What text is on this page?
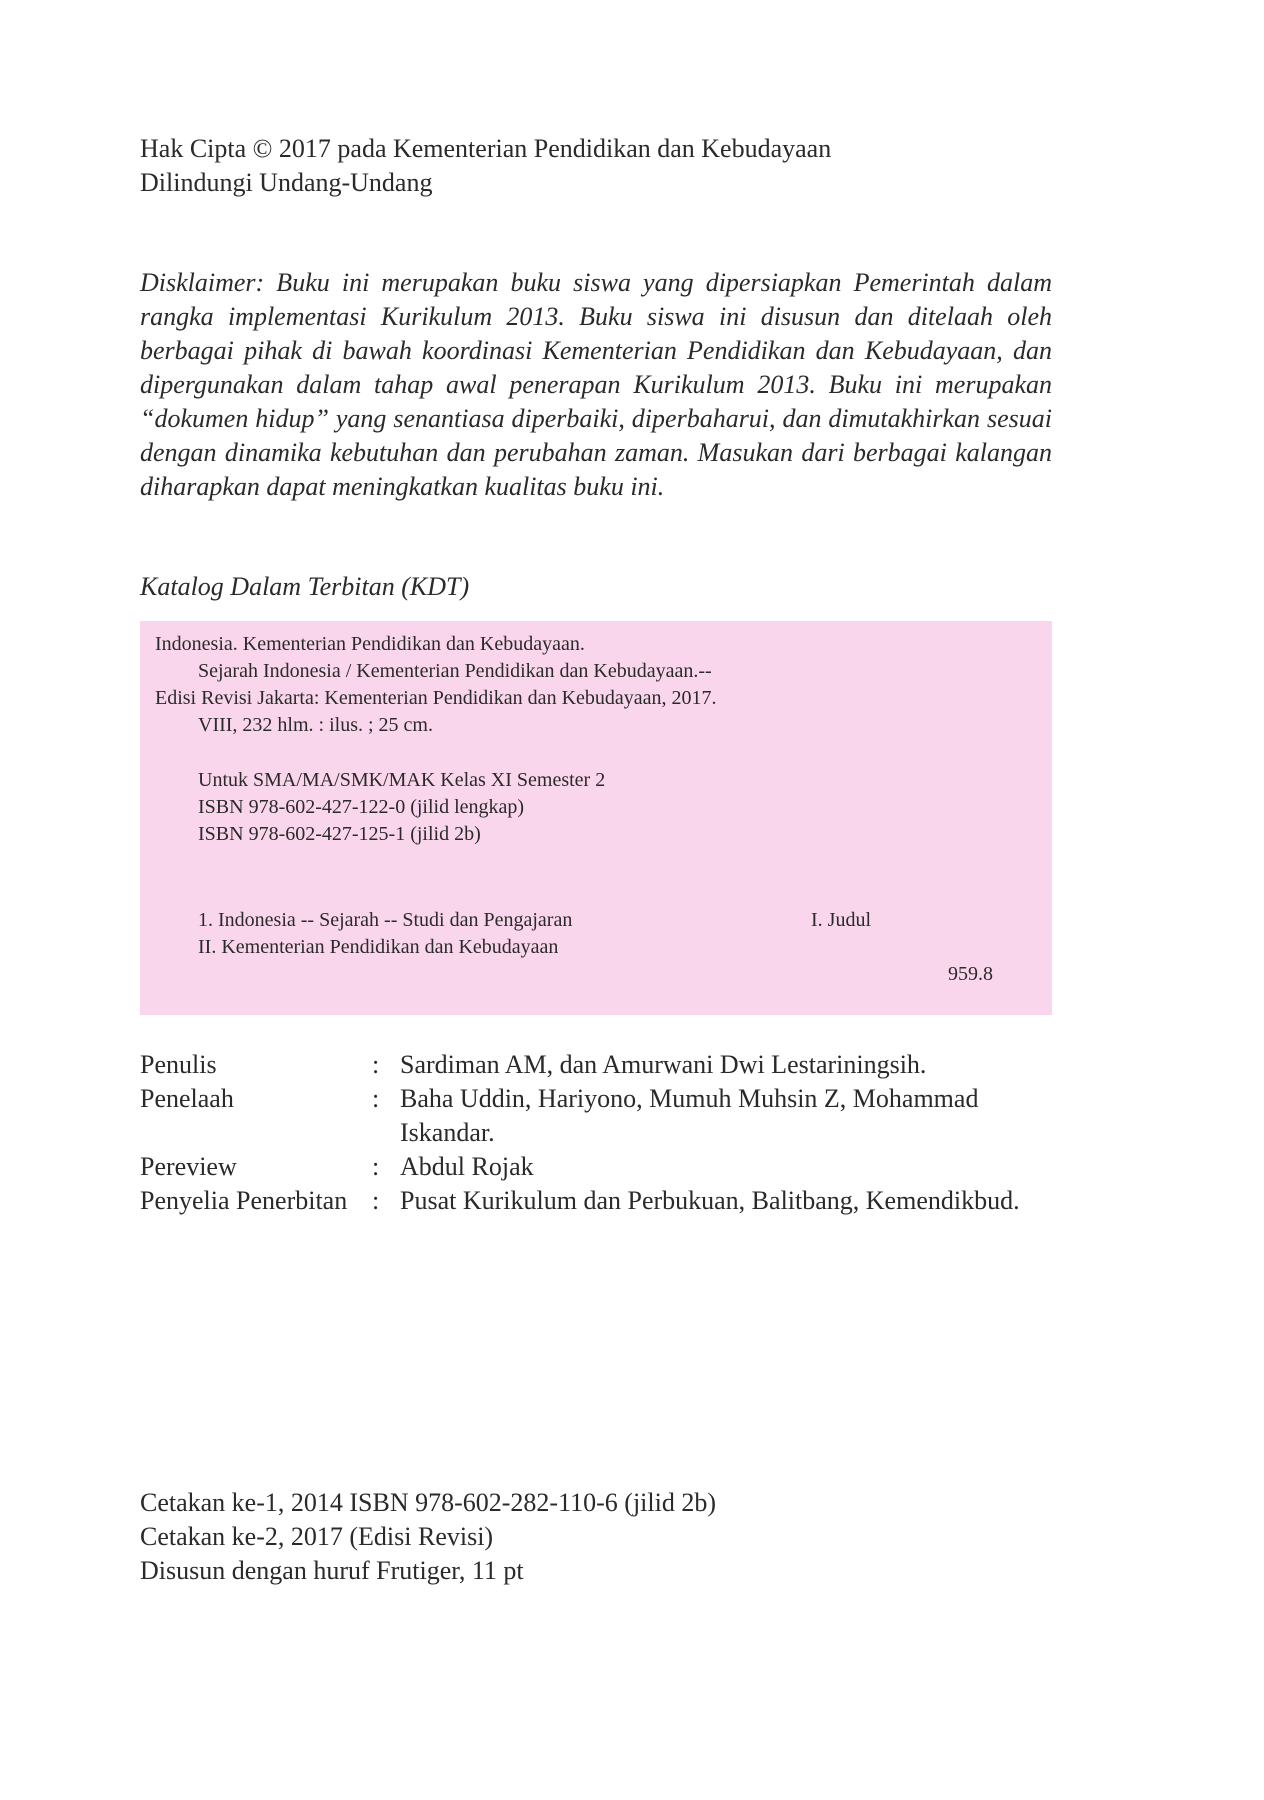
Hak Cipta © 2017 pada Kementerian Pendidikan dan Kebudayaan
Dilindungi Undang-Undang
Disklaimer: Buku ini merupakan buku siswa yang dipersiapkan Pemerintah dalam rangka implementasi Kurikulum 2013. Buku siswa ini disusun dan ditelaah oleh berbagai pihak di bawah koordinasi Kementerian Pendidikan dan Kebudayaan, dan dipergunakan dalam tahap awal penerapan Kurikulum 2013. Buku ini merupakan “dokumen hidup” yang senantiasa diperbaiki, diperbaharui, dan dimutakhirkan sesuai dengan dinamika kebutuhan dan perubahan zaman. Masukan dari berbagai kalangan diharapkan dapat meningkatkan kualitas buku ini.
Katalog Dalam Terbitan (KDT)
Indonesia. Kementerian Pendidikan dan Kebudayaan.
Sejarah Indonesia / Kementerian Pendidikan dan Kebudayaan.--
Edisi Revisi Jakarta: Kementerian Pendidikan dan Kebudayaan, 2017.
VIII, 232 hlm. : ilus. ; 25 cm.
Untuk SMA/MA/SMK/MAK Kelas XI Semester 2
ISBN 978-602-427-122-0 (jilid lengkap)
ISBN 978-602-427-125-1 (jilid 2b)
1. Indonesia -- Sejarah -- Studi dan Pengajaran	I. Judul
II. Kementerian Pendidikan dan Kebudayaan
959.8
Penulis	: Sardiman AM, dan Amurwani Dwi Lestariningsih.
Penelaah	: Baha Uddin, Hariyono, Mumuh Muhsin Z, Mohammad Iskandar.
Pereview	: Abdul Rojak
Penyelia Penerbitan : Pusat Kurikulum dan Perbukuan, Balitbang, Kemendikbud.
Cetakan ke-1, 2014 ISBN 978-602-282-110-6 (jilid 2b)
Cetakan ke-2, 2017 (Edisi Revisi)
Disusun dengan huruf Frutiger, 11 pt
